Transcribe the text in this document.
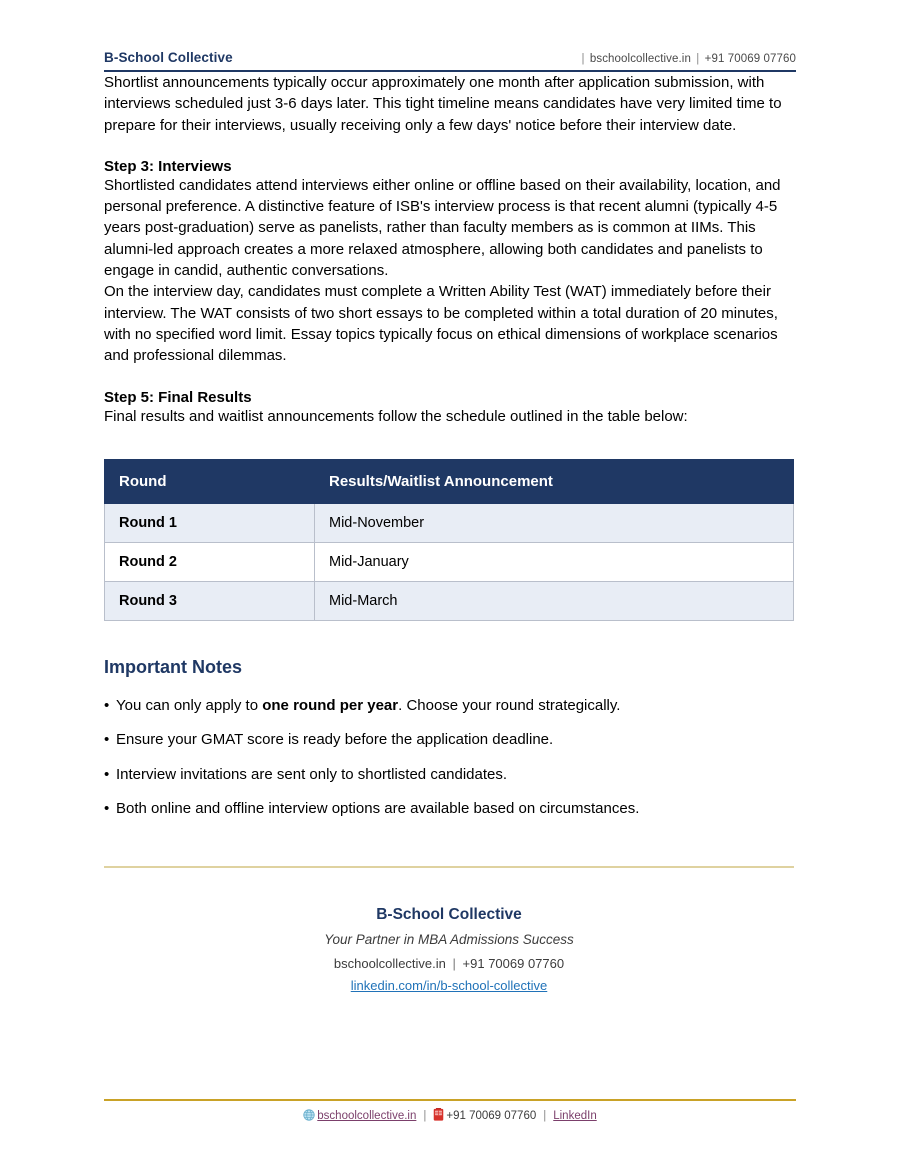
B-School Collective	| bschoolcollective.in | +91 70069 07760

Shortlist announcements typically occur approximately one month after application submission, with interviews scheduled just 3-6 days later. This tight timeline means candidates have very limited time to prepare for their interviews, usually receiving only a few days' notice before their interview date.

Step 3: Interviews

Shortlisted candidates attend interviews either online or offline based on their availability, location, and personal preference. A distinctive feature of ISB's interview process is that recent alumni (typically 4-5 years post-graduation) serve as panelists, rather than faculty members as is common at IIMs. This alumni-led approach creates a more relaxed atmosphere, allowing both candidates and panelists to engage in candid, authentic conversations.

On the interview day, candidates must complete a Written Ability Test (WAT) immediately before their interview. The WAT consists of two short essays to be completed within a total duration of 20 minutes, with no specified word limit. Essay topics typically focus on ethical dimensions of workplace scenarios and professional dilemmas.

Step 5: Final Results

Final results and waitlist announcements follow the schedule outlined in the table below:

Round	Results/Waitlist Announcement
Round 1	Mid-November
Round 2	Mid-January
Round 3	Mid-March
Important Notes
• You can only apply to one round per year. Choose your round strategically.
• Ensure your GMAT score is ready before the application deadline.
• Interview invitations are sent only to shortlisted candidates.
• Both online and offline interview options are available based on circumstances.
B-School Collective
Your Partner in MBA Admissions Success
bschoolcollective.in | +91 70069 07760
linkedin.com/in/b-school-collective
bschoolcollective.in | +91 70069 07760 | LinkedIn
